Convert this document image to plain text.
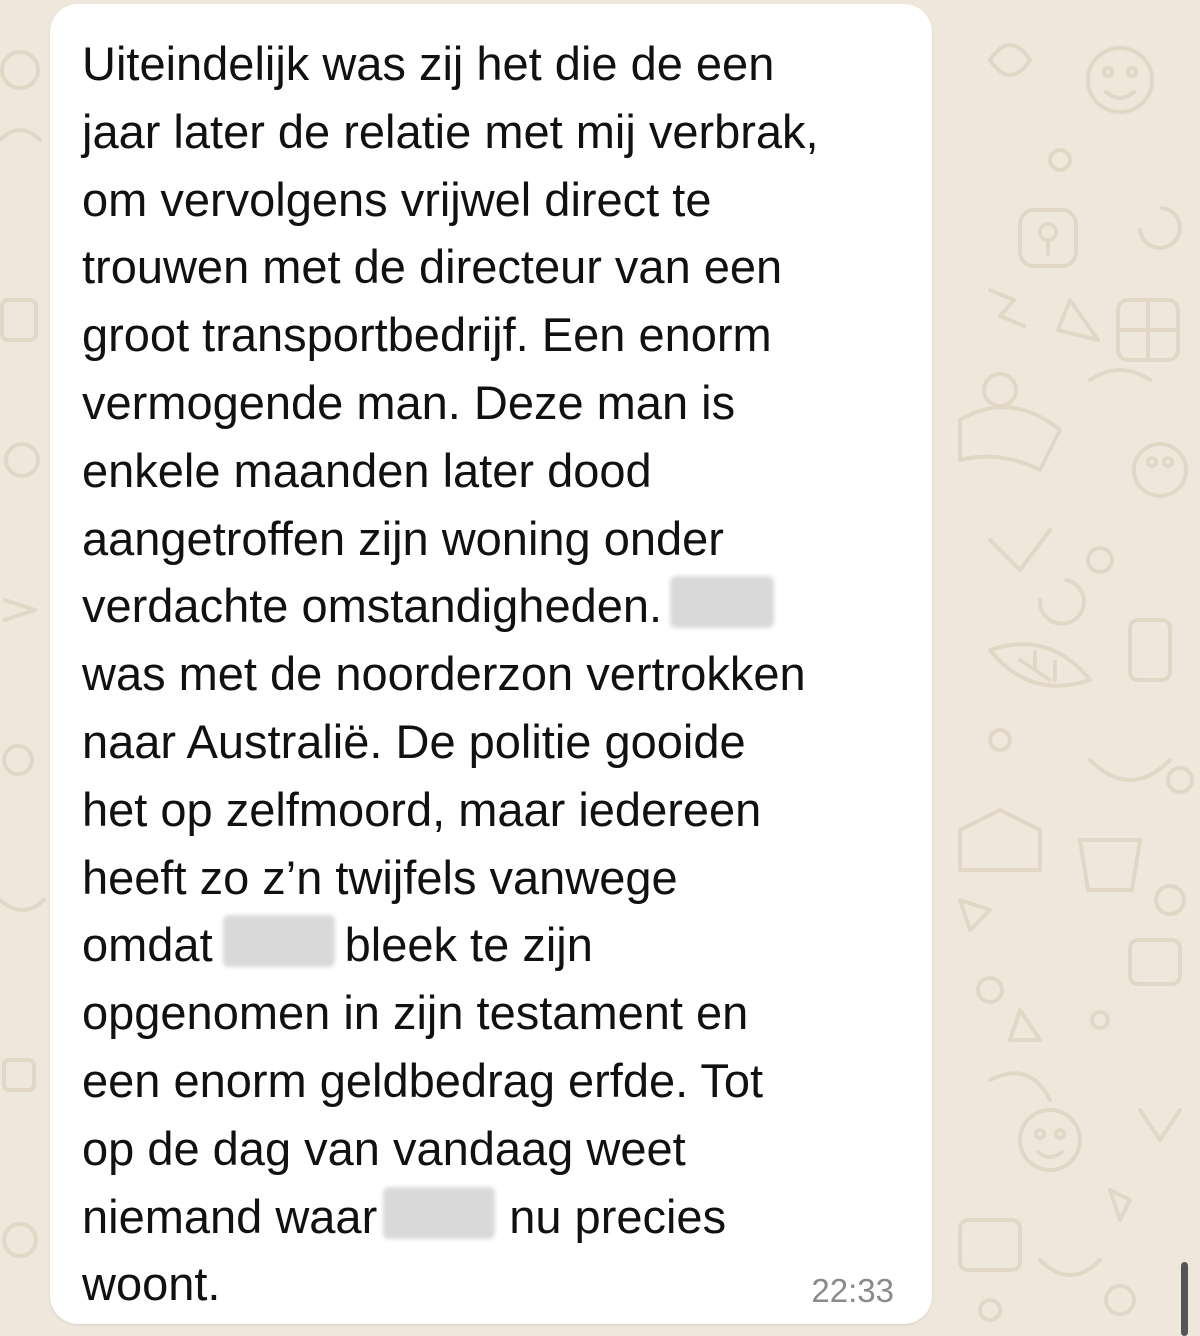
Uiteindelijk was zij het die de een
jaar later de relatie met mij verbrak,
om vervolgens vrijwel direct te
trouwen met de directeur van een
groot transportbedrijf. Een enorm
vermogende man. Deze man is
enkele maanden later dood
aangetroffen zijn woning onder
verdachte omstandigheden.
was met de noorderzon vertrokken
naar Australië. De politie gooide
het op zelfmoord, maar iedereen
heeft zo z’n twijfels vanwege
omdat	bleek te zijn
opgenomen in zijn testament en
een enorm geldbedrag erfde. Tot
op de dag van vandaag weet
niemand waar	nu precies
woont.	22:33
